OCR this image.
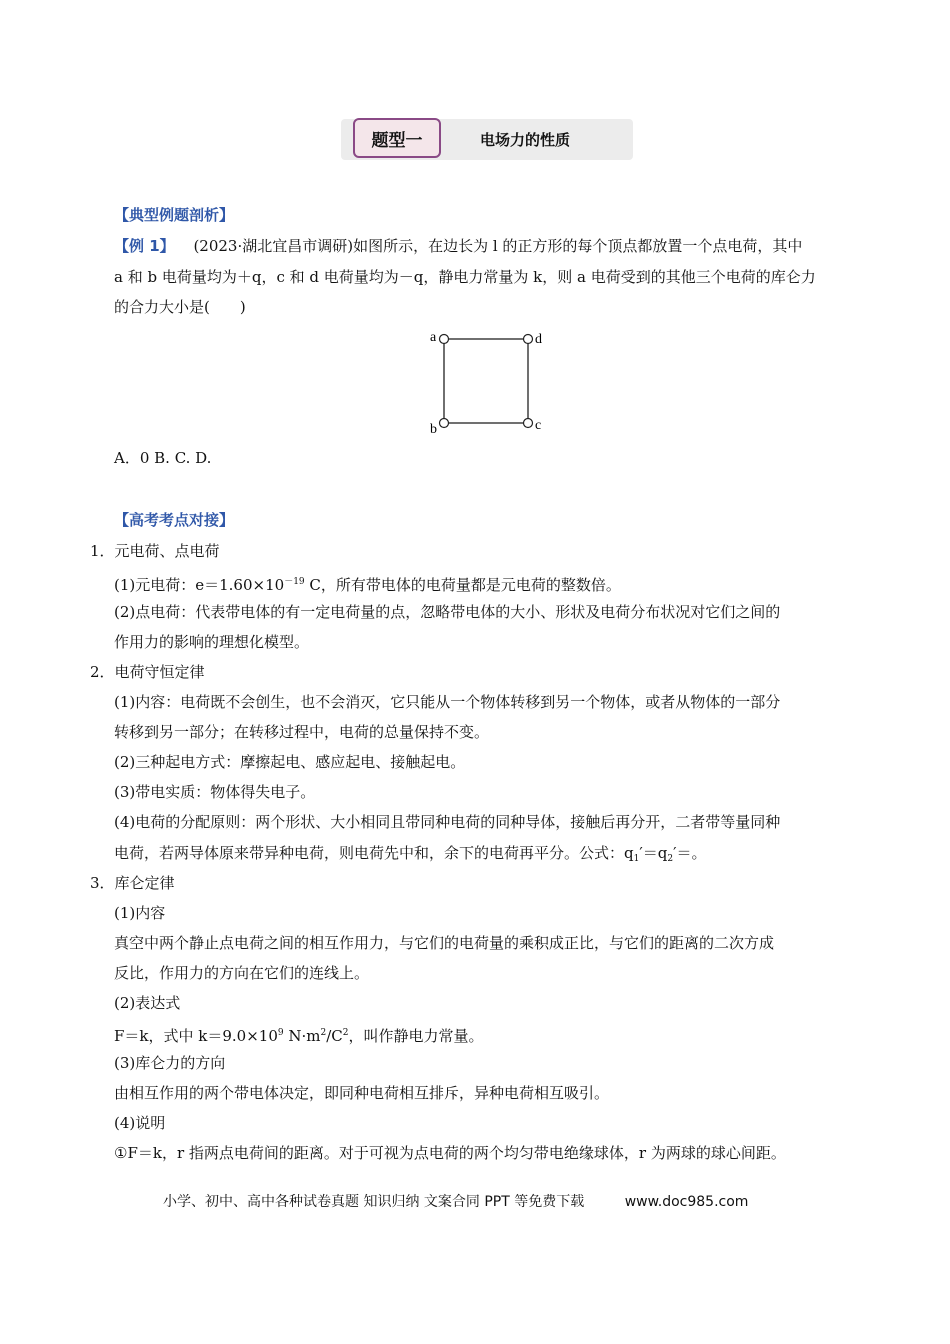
题型一	电场力的性质
【典型例题剖析】
【例 1】 (2023·湖北宜昌市调研)如图所示，在边长为 l 的正方形的每个顶点都放置一个点电荷，其中
a 和 b 电荷量均为＋q，c 和 d 电荷量均为－q，静电力常量为 k，则 a 电荷受到的其他三个电荷的库仑力
的合力大小是(　　)
a	d
b	c
A．0 B. C. D.
【高考考点对接】
1．元电荷、点电荷
(1)元电荷：$e=1.60\times 10^{-19}$ C，所有带电体的电荷量都是元电荷的整数倍。
(2)点电荷：代表带电体的有一定电荷量的点，忽略带电体的大小、形状及电荷分布状况对它们之间的
作用力的影响的理想化模型。
2．电荷守恒定律
(1)内容：电荷既不会创生，也不会消灭，它只能从一个物体转移到另一个物体，或者从物体的一部分
转移到另一部分；在转移过程中，电荷的总量保持不变。
(2)三种起电方式：摩擦起电、感应起电、接触起电。
(3)带电实质：物体得失电子。
(4)电荷的分配原则：两个形状、大小相同且带同种电荷的同种导体，接触后再分开，二者带等量同种
电荷，若两导体原来带异种电荷，则电荷先中和，余下的电荷再平分。公式：$q_1'=q_2'=$。
3．库仑定律
(1)内容
真空中两个静止点电荷之间的相互作用力，与它们的电荷量的乘积成正比，与它们的距离的二次方成
反比，作用力的方向在它们的连线上。
(2)表达式
F＝k，式中 $k=9.0\times 10^9$ $N\cdot m^2/C^2$，叫作静电力常量。
(3)库仑力的方向
由相互作用的两个带电体决定，即同种电荷相互排斥，异种电荷相互吸引。
(4)说明
①F＝k，r 指两点电荷间的距离。对于可视为点电荷的两个均匀带电绝缘球体，r 为两球的球心间距。
小学、初中、高中各种试卷真题 知识归纳 文案合同 PPT 等免费下载	www.doc985.com
